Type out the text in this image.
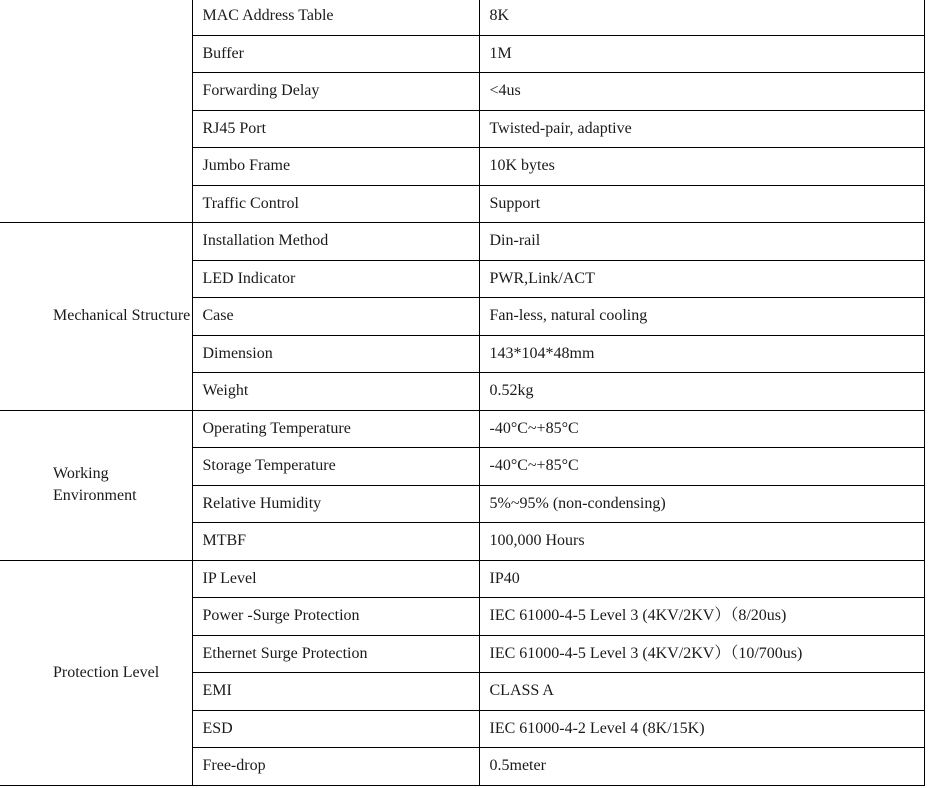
	MAC Address Table	8K
	Buffer	1M
	Forwarding Delay	<4us
	RJ45 Port	Twisted-pair, adaptive
	Jumbo Frame	10K bytes
	Traffic Control	Support
Mechanical Structure	Installation Method	Din-rail
	LED Indicator	PWR,Link/ACT
	Case	Fan-less, natural cooling
	Dimension	143*104*48mm
	Weight	0.52kg
Working Environment	Operating Temperature	-40°C~+85°C
	Storage Temperature	-40°C~+85°C
	Relative Humidity	5%~95% (non-condensing)
	MTBF	100,000 Hours
Protection Level	IP Level	IP40
	Power -Surge Protection	IEC 61000-4-5 Level 3 (4KV/2KV）（8/20us)
	Ethernet Surge Protection	IEC 61000-4-5 Level 3 (4KV/2KV）（10/700us)
	EMI	CLASS A
	ESD	IEC 61000-4-2 Level 4 (8K/15K)
	Free-drop	0.5meter
